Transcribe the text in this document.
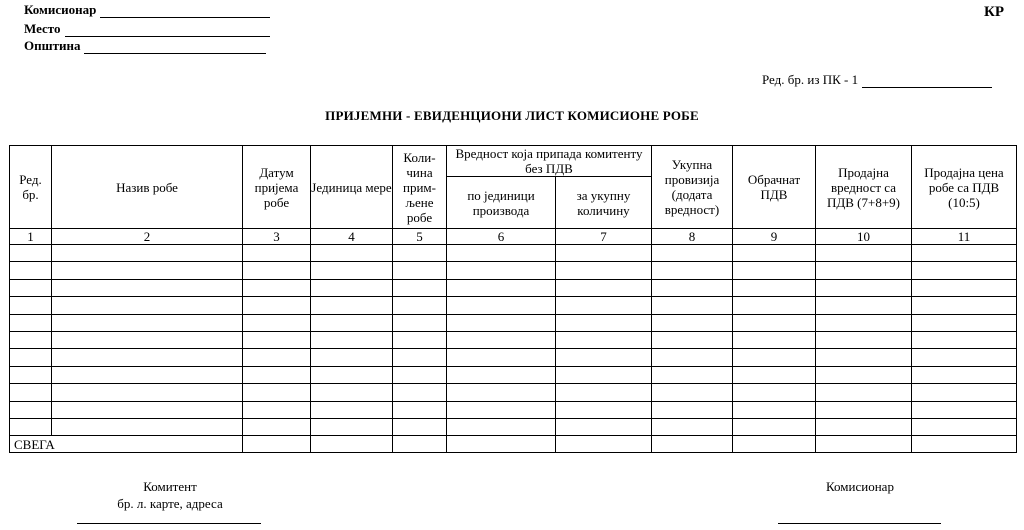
Комисионар
Место
Општина
КР
Ред. бр. из ПК - 1
ПРИЈЕМНИ - ЕВИДЕНЦИОНИ ЛИСТ КОМИСИОНЕ РОБЕ
Ред. бр.	Назив робе	Датум пријема робе	Јединица мере	Коли-чина прим-љене робе	Вредност која припада комитенту без ПДВ		Укупна провизија (додата вредност)	Обрачнат ПДВ	Продајна вредност са ПДВ (7+8+9)	Продајна цена робе са ПДВ (10:5)
					по јединици производа	за укупну количину				
1	2	3	4	5	6	7	8	9	10	11

СВЕГА										
Комитент
бр. л. карте, адреса
Комисионар
